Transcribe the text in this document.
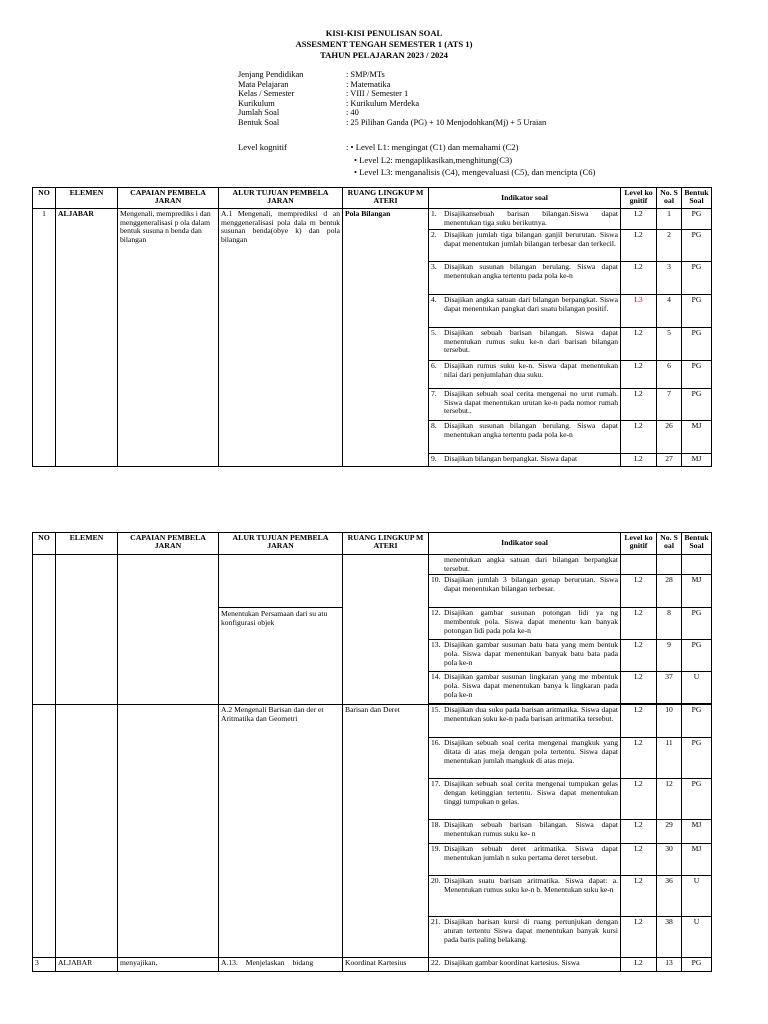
KISI-KISI PENULISAN SOAL
ASSESMENT TENGAH SEMESTER 1 (ATS 1)
TAHUN PELAJARAN 2023 / 2024
Jenjang Pendidikan	: SMP/MTs
Mata Pelajaran	: Matematika
Kelas / Semester	: VIII / Semester 1
Kurikulum	: Kurikulum Merdeka
Jumlah Soal	: 40
Bentuk Soal	: 25 Pilihan Ganda (PG) + 10 Menjodohkan(Mj) + 5 Uraian
Level kognitif	: • Level L1: mengingat (C1) dan memahami (C2)
• Level L2: mengaplikasikan,menghitung(C3)
• Level L3: menganalisis (C4), mengevaluasi (C5), dan mencipta (C6)
NO	ELEMEN	CAPAIAN PEMBELA JARAN	ALUR TUJUAN PEMBELA JARAN	RUANG LINGKUP M ATERI	Indikator soal	Level ko gnitif	No. S oal	Bentuk Soal
1	ALJABAR	Mengenali, memprediks i dan menggeneralisasi p ola dalam bentuk susuna n benda dan bilangan	A.1 Mengenali, memprediksi d an menggeneralisasi pola dala m bentuk susunan benda(obye k) dan pola bilangan	Pola Bilangan	1. Disajikansebuah barisan bilangan.Siswa dapat menentukan tiga suku berikutnya.	L2	1	PG

					2. Disajikan jumlah tiga bilangan ganjil berurutan. Siswa dapat menentukan jumlah bilangan terbesar dan terkecil.	L2	2	PG

					3. Disajikan susunan bilangan berulang. Siswa dapat menentukan angka tertentu pada pola ke-n	L2	3	PG

					4. Disajikan angka satuan dari bilangan berpangkat. Siswa dapat menentukan pangkat dari suatu bilangan positif.	L3	4	PG

					5. Disajikan sebuah barisan bilangan. Siswa dapat menentukan rumus suku ke-n dari barisan bilangan tersebut.	L2	5	PG

					6. Disajikan rumus suku ke-n. Siswa dapat menentukan nilai dari penjumlahan dua suku.	L2	6	PG

					7. Disajikan sebuah soal cerita mengenai no urut rumah. Siswa dapat menentukan urutan ke-n pada nomor rumah tersebut..	L2	7	PG

					8. Disajikan susunan bilangan berulang. Siswa dapat menentukan angka tertentu pada pola ke-n	L2	26	MJ

					9. Disajikan bilangan berpangkat. Siswa dapat	L2	27	MJ
NO	ELEMEN	CAPAIAN PEMBELA JARAN	ALUR TUJUAN PEMBELA JARAN	RUANG LINGKUP M ATERI	Indikator soal	Level ko gnitif	No. S oal	Bentuk Soal

					menentukan angka satuan dari bilangan berpangkat tersebut.			

					10. Disajikan jumlah 3 bilangan genap berurutan. Siswa dapat menentukan bilangan terbesar.	L2	28	MJ
			Menentukan Persamaan dari su atu konfigurasi objek		12. Disajikan gambar susunan potongan lidi ya ng membentuk pola. Siswa dapat menentu kan banyak potongan lidi pada pola ke-n	L2	8	PG

					13. Disajikan gambar susunan batu bata yang mem bentuk pola. Siswa dapat menentukan banyak batu bata pada pola ke-n	L2	9	PG

					14. Disajikan gambar susunan lingkaran yang me mbentuk pola. Siswa dapat menentukan banya k lingkaran pada pola ke-n	L2	37	U

			A.2 Mengenali Barisan dan der et Aritmatika dan Geometri	Barisan dan Deret	15. Disajikan dua suku pada barisan aritmatika. Siswa dapat menentukan suku ke-n pada barisan aritmatika tersebut.	L2	10	PG

					16. Disajikan sebuah soal cerita mengenai mangkuk yang ditata di atas meja dengan pola tertentu. Siswa dapat menentukan jumlah mangkuk di atas meja.	L2	11	PG

					17. Disajikan sebuah soal cerita mengenai tumpukan gelas dengan ketinggian tertentu. Siswa dapat menentukan tinggi tumpukan n gelas.	L2	12	PG

					18. Disajikan sebuah barisan bilangan. Siswa dapat menentukan rumus suku ke- n	L2	29	MJ

					19. Disajikan sebuah deret aritmatika. Siswa dapat menentukan jumlah n suku pertama deret tersebut.	L2	30	MJ

					20. Disajikan suatu barisan aritmatika. Siswa dapat: a. Menentukan rumus suku ke-n b. Menentukan suku ke-n	L2	36	U

					21. Disajikan barisan kursi di ruang pertunjukan dengan aturan tertentu Siswa dapat menentukan banyak kursi pada baris paling belakang.	L2	38	U
3	ALJABAR	menyajikan,	A.13. Menjelaskan bidang	Koordinat Kartesius	22. Disajikan gambar koordinat kartesius. Siswa	L2	13	PG
